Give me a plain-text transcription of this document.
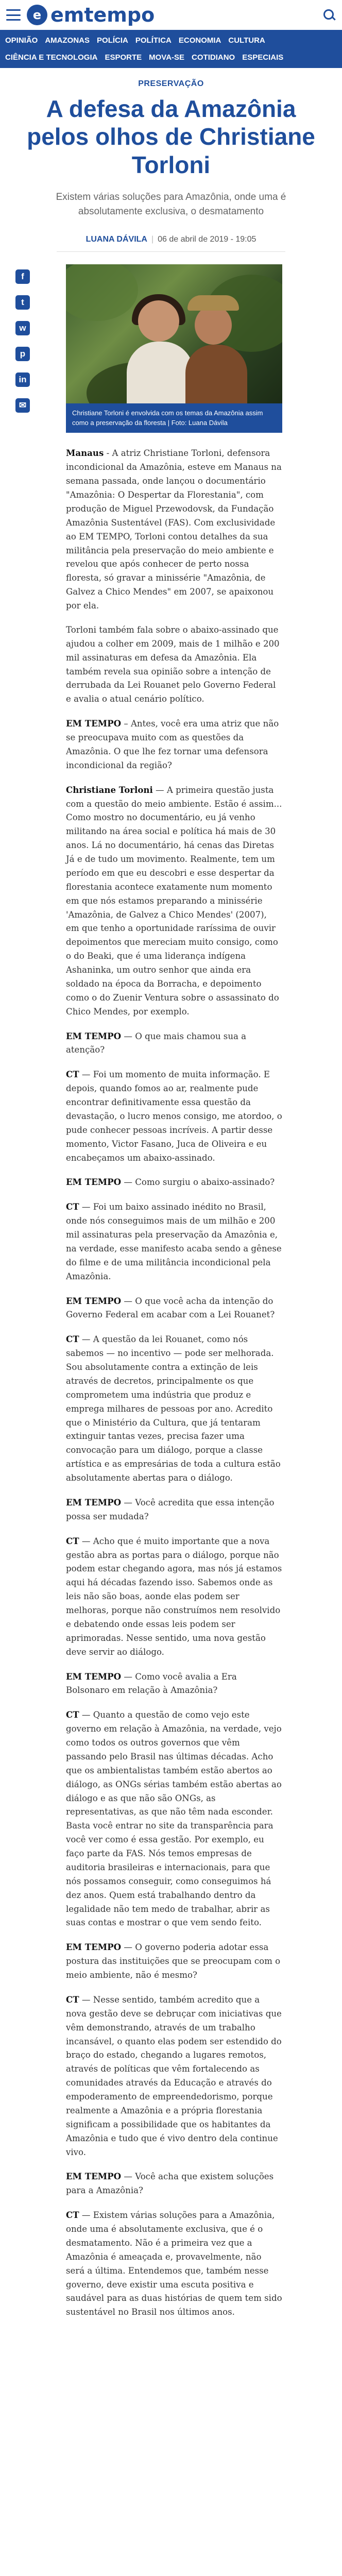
e emtempo
OPINIÃO AMAZONAS POLÍCIA POLÍTICA ECONOMIA CULTURA
CIÊNCIA E TECNOLOGIA ESPORTE MOVA-SE COTIDIANO ESPECIAIS
PRESERVAÇÃO
A defesa da Amazônia pelos olhos de Christiane Torloni
Existem várias soluções para Amazônia, onde uma é absolutamente exclusiva, o desmatamento
LUANA DÁVILA | 06 de abril de 2019 - 19:05
f
t
w
p
in
✉
Christiane Torloni é envolvida com os temas da Amazônia assim como a preservação da floresta | Foto: Luana Dávila

Manaus - A atriz Christiane Torloni, defensora incondicional da Amazônia, esteve em Manaus na semana passada, onde lançou o documentário "Amazônia: O Despertar da Florestania", com produção de Miguel Przewodovsk, da Fundação Amazônia Sustentável (FAS). Com exclusividade ao EM TEMPO, Torloni contou detalhes da sua militância pela preservação do meio ambiente e revelou que após conhecer de perto nossa floresta, só gravar a minissérie "Amazônia, de Galvez a Chico Mendes" em 2007, se apaixonou por ela.

Torloni também fala sobre o abaixo-assinado que ajudou a colher em 2009, mais de 1 milhão e 200 mil assinaturas em defesa da Amazônia. Ela também revela sua opinião sobre a intenção de derrubada da Lei Rouanet pelo Governo Federal e avalia o atual cenário político.

EM TEMPO – Antes, você era uma atriz que não se preocupava muito com as questões da Amazônia. O que lhe fez tornar uma defensora incondicional da região?

Christiane Torloni — A primeira questão justa com a questão do meio ambiente. Estão é assim... Como mostro no documentário, eu já venho militando na área social e política há mais de 30 anos. Lá no documentário, há cenas das Diretas Já e de tudo um movimento. Realmente, tem um período em que eu descobri e esse despertar da florestania acontece exatamente num momento em que nós estamos preparando a minissérie 'Amazônia, de Galvez a Chico Mendes' (2007), em que tenho a oportunidade raríssima de ouvir depoimentos que mereciam muito consigo, como o do Beaki, que é uma liderança indígena Ashaninka, um outro senhor que ainda era soldado na época da Borracha, e depoimento como o do Zuenir Ventura sobre o assassinato do Chico Mendes, por exemplo.

EM TEMPO — O que mais chamou sua a atenção?

CT — Foi um momento de muita informação. E depois, quando fomos ao ar, realmente pude encontrar definitivamente essa questão da devastação, o lucro menos consigo, me atordoo, o pude conhecer pessoas incríveis. A partir desse momento, Victor Fasano, Juca de Oliveira e eu encabeçamos um abaixo-assinado.

EM TEMPO — Como surgiu o abaixo-assinado?

CT — Foi um baixo assinado inédito no Brasil, onde nós conseguimos mais de um milhão e 200 mil assinaturas pela preservação da Amazônia e, na verdade, esse manifesto acaba sendo a gênese do filme e de uma militância incondicional pela Amazônia.

EM TEMPO — O que você acha da intenção do Governo Federal em acabar com a Lei Rouanet?

CT — A questão da lei Rouanet, como nós sabemos — no incentivo — pode ser melhorada. Sou absolutamente contra a extinção de leis através de decretos, principalmente os que comprometem uma indústria que produz e emprega milhares de pessoas por ano. Acredito que o Ministério da Cultura, que já tentaram extinguir tantas vezes, precisa fazer uma convocação para um diálogo, porque a classe artística e as empresárias de toda a cultura estão absolutamente abertas para o diálogo.

EM TEMPO — Você acredita que essa intenção possa ser mudada?

CT — Acho que é muito importante que a nova gestão abra as portas para o diálogo, porque não podem estar chegando agora, mas nós já estamos aqui há décadas fazendo isso. Sabemos onde as leis não são boas, aonde elas podem ser melhoras, porque não construímos nem resolvido e debatendo onde essas leis podem ser aprimoradas. Nesse sentido, uma nova gestão deve servir ao diálogo.

EM TEMPO — Como você avalia a Era Bolsonaro em relação à Amazônia?

CT — Quanto a questão de como vejo este governo em relação à Amazônia, na verdade, vejo como todos os outros governos que vêm passando pelo Brasil nas últimas décadas. Acho que os ambientalistas também estão abertos ao diálogo, as ONGs sérias também estão abertas ao diálogo e as que não são ONGs, as representativas, as que não têm nada esconder. Basta você entrar no site da transparência para você ver como é essa gestão. Por exemplo, eu faço parte da FAS. Nós temos empresas de auditoria brasileiras e internacionais, para que nós possamos conseguir, como conseguimos há dez anos. Quem está trabalhando dentro da legalidade não tem medo de trabalhar, abrir as suas contas e mostrar o que vem sendo feito.

EM TEMPO — O governo poderia adotar essa postura das instituições que se preocupam com o meio ambiente, não é mesmo?

CT — Nesse sentido, também acredito que a nova gestão deve se debruçar com iniciativas que vêm demonstrando, através de um trabalho incansável, o quanto elas podem ser estendido do braço do estado, chegando a lugares remotos, através de políticas que vêm fortalecendo as comunidades através da Educação e através do empoderamento de empreendedorismo, porque realmente a Amazônia e a própria florestania significam a possibilidade que os habitantes da Amazônia e tudo que é vivo dentro dela continue vivo.

EM TEMPO — Você acha que existem soluções para a Amazônia?

CT — Existem várias soluções para a Amazônia, onde uma é absolutamente exclusiva, que é o desmatamento. Não é a primeira vez que a Amazônia é ameaçada e, provavelmente, não será a última. Entendemos que, também nesse governo, deve existir uma escuta positiva e saudável para as duas histórias de quem tem sido sustentável no Brasil nos últimos anos.
